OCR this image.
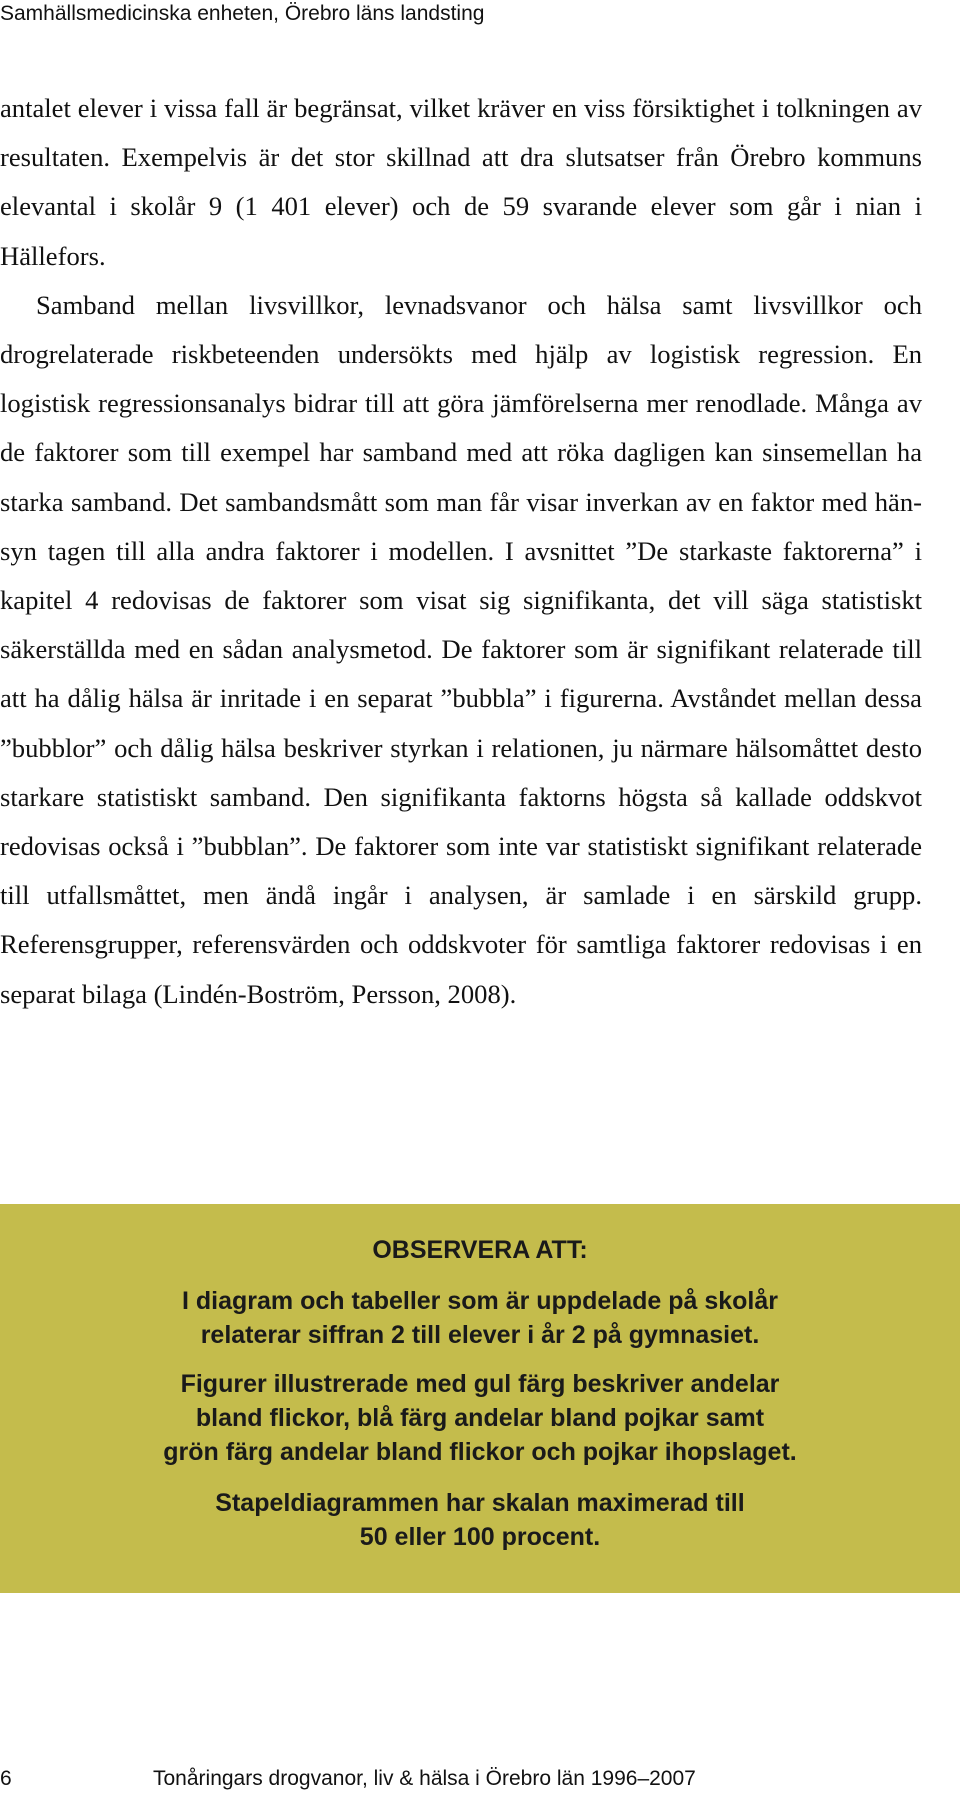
Samhällsmedicinska enheten, Örebro läns landsting

antalet elever i vissa fall är begränsat, vilket kräver en viss försiktighet i tolkningen av resultaten. Exempelvis är det stor skillnad att dra slutsatser från Örebro kommuns elevantal i skolår 9 (1 401 elever) och de 59 svarande elever som går i nian i Hällefors.

Samband mellan livsvillkor, levnadsvanor och hälsa samt livsvillkor och drogrelaterade riskbeteenden undersökts med hjälp av logistisk regression. En logistisk regressionsanalys bidrar till att göra jämförelserna mer renodlade. Många av de faktorer som till exempel har samband med att röka dagligen kan sinsemellan ha starka samband. Det sambandsmått som man får visar inverkan av en faktor med hänsyn tagen till alla andra faktorer i modellen. I avsnittet ”De starkaste faktorerna” i kapitel 4 redovisas de faktorer som visat sig signifikanta, det vill säga statistiskt säkerställda med en sådan analysmetod. De faktorer som är signifikant relaterade till att ha dålig hälsa är inritade i en separat ”bubbla” i figurerna. Avståndet mellan dessa ”bubblor” och dålig hälsa beskriver styrkan i relationen, ju närmare hälsomåttet desto starkare statistiskt samband. Den signifikanta faktorns högsta så kallade oddskvot redovisas också i ”bubblan”. De faktorer som inte var statistiskt signifikant relaterade till utfallsmåttet, men ändå ingår i analysen, är samlade i en särskild grupp. Referensgrupper, referensvärden och oddskvoter för samtliga faktorer redovisas i en separat bilaga (Lindén-Boström, Persson, 2008).

OBSERVERA ATT:
I diagram och tabeller som är uppdelade på skolår
relaterar siffran 2 till elever i år 2 på gymnasiet.
Figurer illustrerade med gul färg beskriver andelar
bland flickor, blå färg andelar bland pojkar samt
grön färg andelar bland flickor och pojkar ihopslaget.
Stapeldiagrammen har skalan maximerad till
50 eller 100 procent.
6	Tonåringars drogvanor, liv & hälsa i Örebro län 1996–2007
